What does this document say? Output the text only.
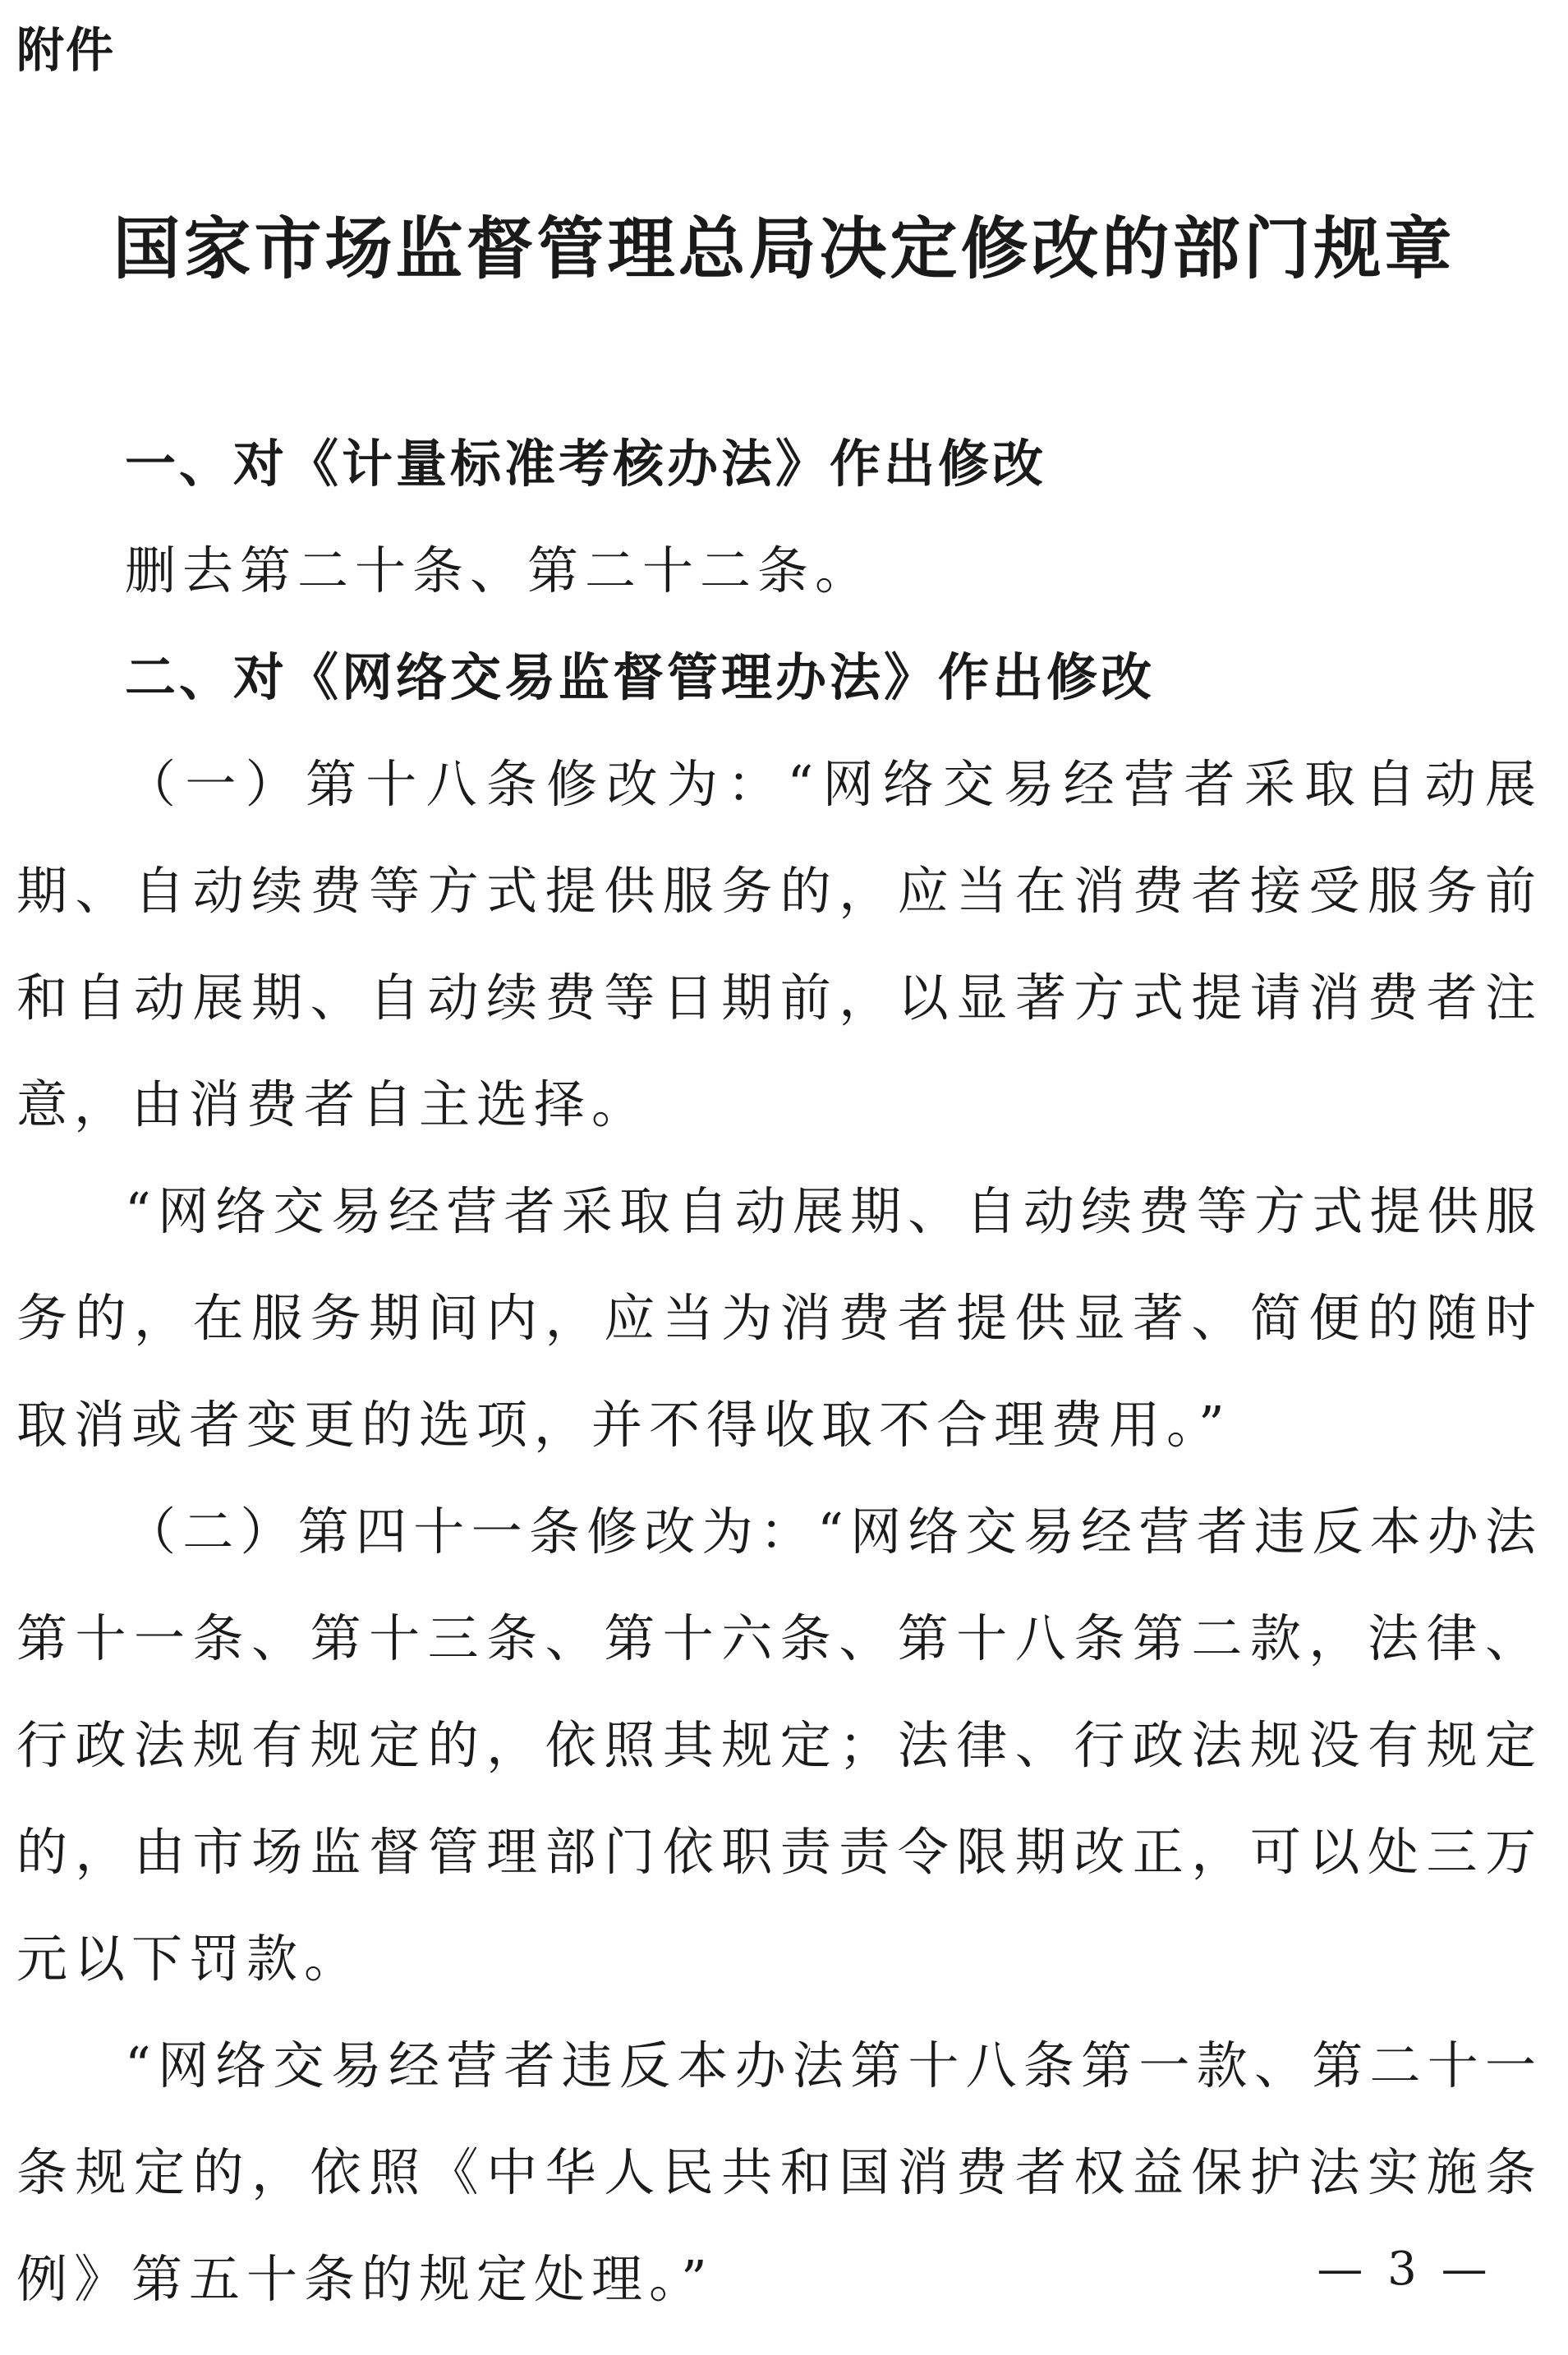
附件
国家市场监督管理总局决定修改的部门规章

一、对《计量标准考核办法》作出修改

删去第二十条、第二十二条。

二、对《网络交易监督管理办法》作出修改

（一）第十八条修改为：“网络交易经营者采取自动展期、自动续费等方式提供服务的，应当在消费者接受服务前和自动展期、自动续费等日期前，以显著方式提请消费者注意，由消费者自主选择。

“网络交易经营者采取自动展期、自动续费等方式提供服务的，在服务期间内，应当为消费者提供显著、简便的随时取消或者变更的选项，并不得收取不合理费用。”

（二）第四十一条修改为：“网络交易经营者违反本办法第十一条、第十三条、第十六条、第十八条第二款，法律、行政法规有规定的，依照其规定；法律、行政法规没有规定的，由市场监督管理部门依职责责令限期改正，可以处三万元以下罚款。

“网络交易经营者违反本办法第十八条第一款、第二十一条规定的，依照《中华人民共和国消费者权益保护法实施条例》第五十条的规定处理。”	— 3 —
